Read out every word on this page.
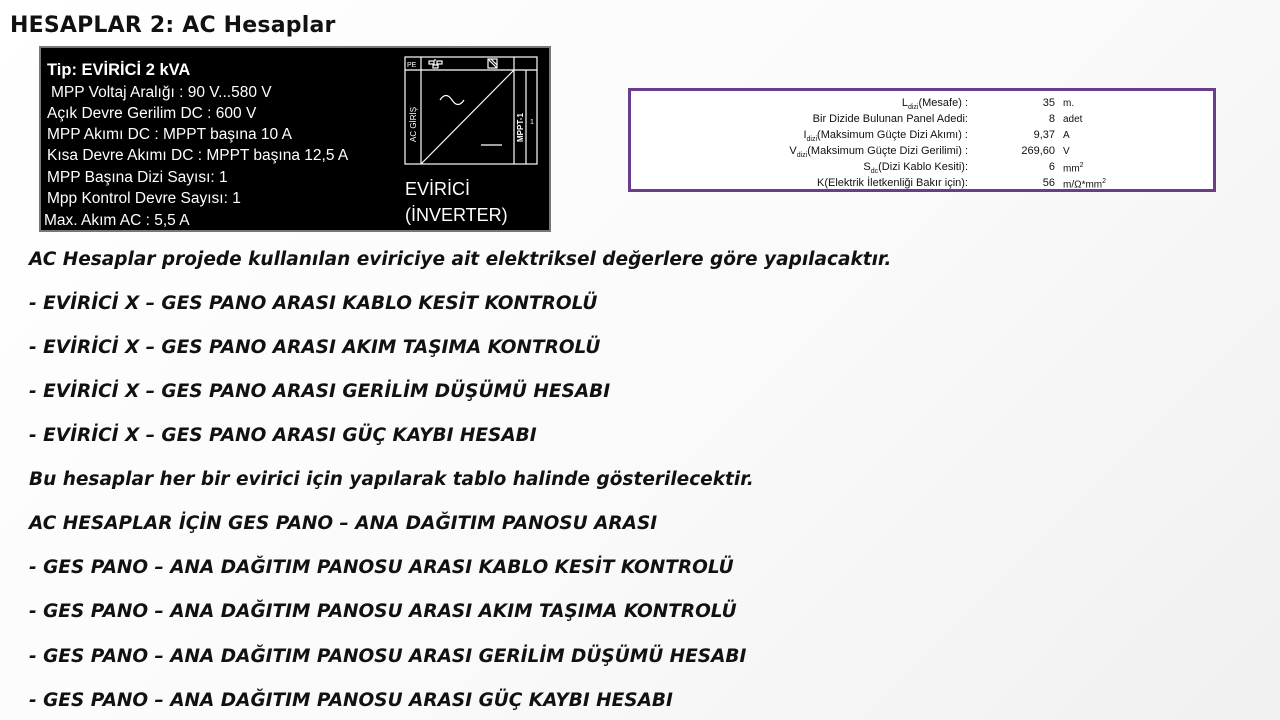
HESAPLAR 2: AC Hesaplar
Tip: EVİRİCİ 2 kVA
MPP Voltaj Aralığı : 90 V...580 V
Açık Devre Gerilim DC : 600 V
MPP Akımı DC : MPPT başına 10 A
Kısa Devre Akımı DC : MPPT başına 12,5 A
MPP Başına Dizi Sayısı: 1
Mpp Kontrol Devre Sayısı: 1
Max. Akım AC : 5,5 A
PE
AC GİRİŞ	MPPT-1 1
EVİRİCİ
(İNVERTER)
$L_{dizi}(Mesafe)$ :	35 m.
Bir Dizide Bulunan Panel Adedi:	8 adet
$I_{dizi}(Maksimum$ Güçte Dizi Akımı) :	9,37 A
$V_{dizi}(Maksimum$ Güçte Dizi Gerilimi) :	269,60 V
$S_{dc}(Dizi$ Kablo Kesiti):	6 $mm^2$
K(Elektrik İletkenliği Bakır için):	56 $m/\Omega*mm^2$
AC Hesaplar projede kullanılan eviriciye ait elektriksel değerlere göre yapılacaktır.
- EVİRİCİ X – GES PANO ARASI KABLO KESİT KONTROLÜ
- EVİRİCİ X – GES PANO ARASI AKIM TAŞIMA KONTROLÜ
- EVİRİCİ X – GES PANO ARASI GERİLİM DÜŞÜMÜ HESABI
- EVİRİCİ X – GES PANO ARASI GÜÇ KAYBI HESABI
Bu hesaplar her bir evirici için yapılarak tablo halinde gösterilecektir.
AC HESAPLAR İÇİN GES PANO – ANA DAĞITIM PANOSU ARASI
- GES PANO – ANA DAĞITIM PANOSU ARASI KABLO KESİT KONTROLÜ
- GES PANO – ANA DAĞITIM PANOSU ARASI AKIM TAŞIMA KONTROLÜ
- GES PANO – ANA DAĞITIM PANOSU ARASI GERİLİM DÜŞÜMÜ HESABI
- GES PANO – ANA DAĞITIM PANOSU ARASI GÜÇ KAYBI HESABI
